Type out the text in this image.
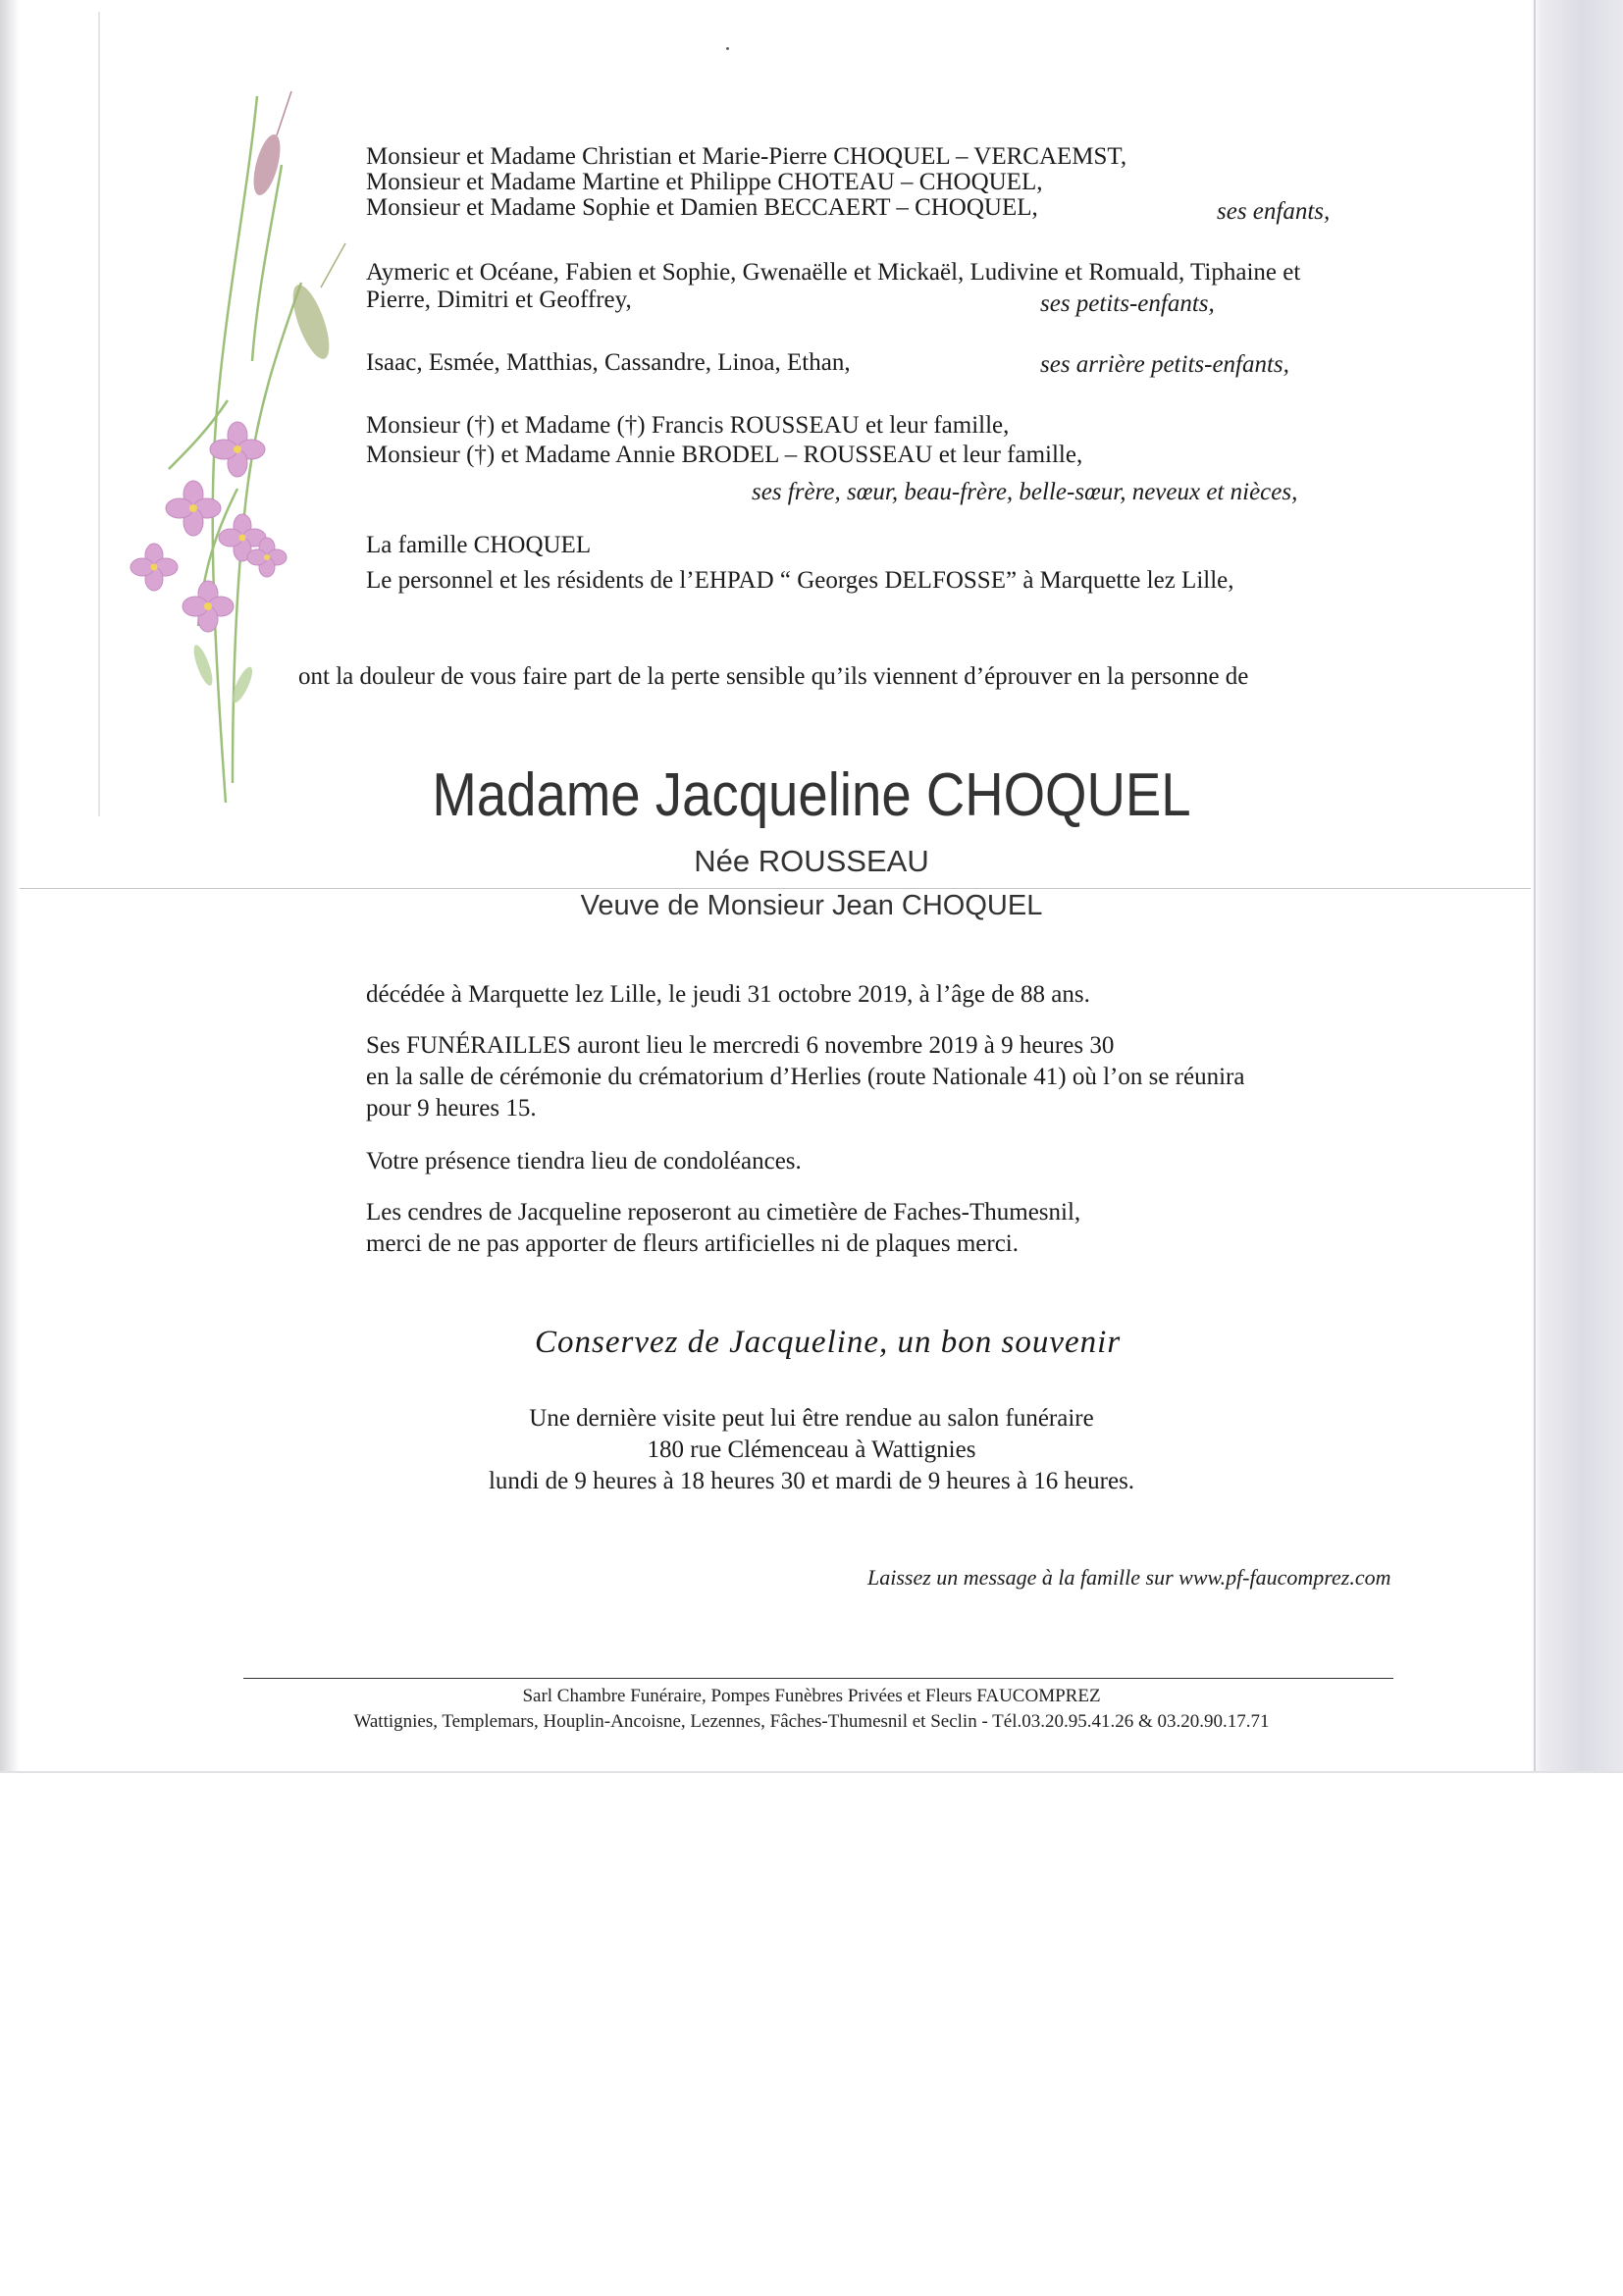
Monsieur et Madame Christian et Marie-Pierre CHOQUEL – VERCAEMST,
Monsieur et Madame Martine et Philippe CHOTEAU – CHOQUEL,
Monsieur et Madame Sophie et Damien BECCAERT – CHOQUEL,	ses enfants,
Aymeric et Océane, Fabien et Sophie, Gwenaëlle et Mickaël, Ludivine et Romuald, Tiphaine et
Pierre, Dimitri et Geoffrey,	ses petits-enfants,
Isaac, Esmée, Matthias, Cassandre, Linoa, Ethan,	ses arrière petits-enfants,
Monsieur (†) et Madame (†) Francis ROUSSEAU et leur famille,
Monsieur (†) et Madame Annie BRODEL – ROUSSEAU et leur famille,
ses frère, sœur, beau-frère, belle-sœur, neveux et nièces,
La famille CHOQUEL
Le personnel et les résidents de l’EHPAD “ Georges DELFOSSE” à Marquette lez Lille,
ont la douleur de vous faire part de la perte sensible qu’ils viennent d’éprouver en la personne de
Madame Jacqueline CHOQUEL
Née ROUSSEAU
Veuve de Monsieur Jean CHOQUEL
décédée à Marquette lez Lille, le jeudi 31 octobre 2019, à l’âge de 88 ans.
Ses FUNÉRAILLES auront lieu le mercredi 6 novembre 2019 à 9 heures 30
en la salle de cérémonie du crématorium d’Herlies (route Nationale 41) où l’on se réunira
pour 9 heures 15.
Votre présence tiendra lieu de condoléances.
Les cendres de Jacqueline reposeront au cimetière de Faches-Thumesnil,
merci de ne pas apporter de fleurs artificielles ni de plaques merci.
Conservez de Jacqueline, un bon souvenir
Une dernière visite peut lui être rendue au salon funéraire
180 rue Clémenceau à Wattignies
lundi de 9 heures à 18 heures 30 et mardi de 9 heures à 16 heures.
Laissez un message à la famille sur www.pf-faucomprez.com
Sarl Chambre Funéraire, Pompes Funèbres Privées et Fleurs FAUCOMPREZ
Wattignies, Templemars, Houplin-Ancoisne, Lezennes, Fâches-Thumesnil et Seclin - Tél.03.20.95.41.26 & 03.20.90.17.71
